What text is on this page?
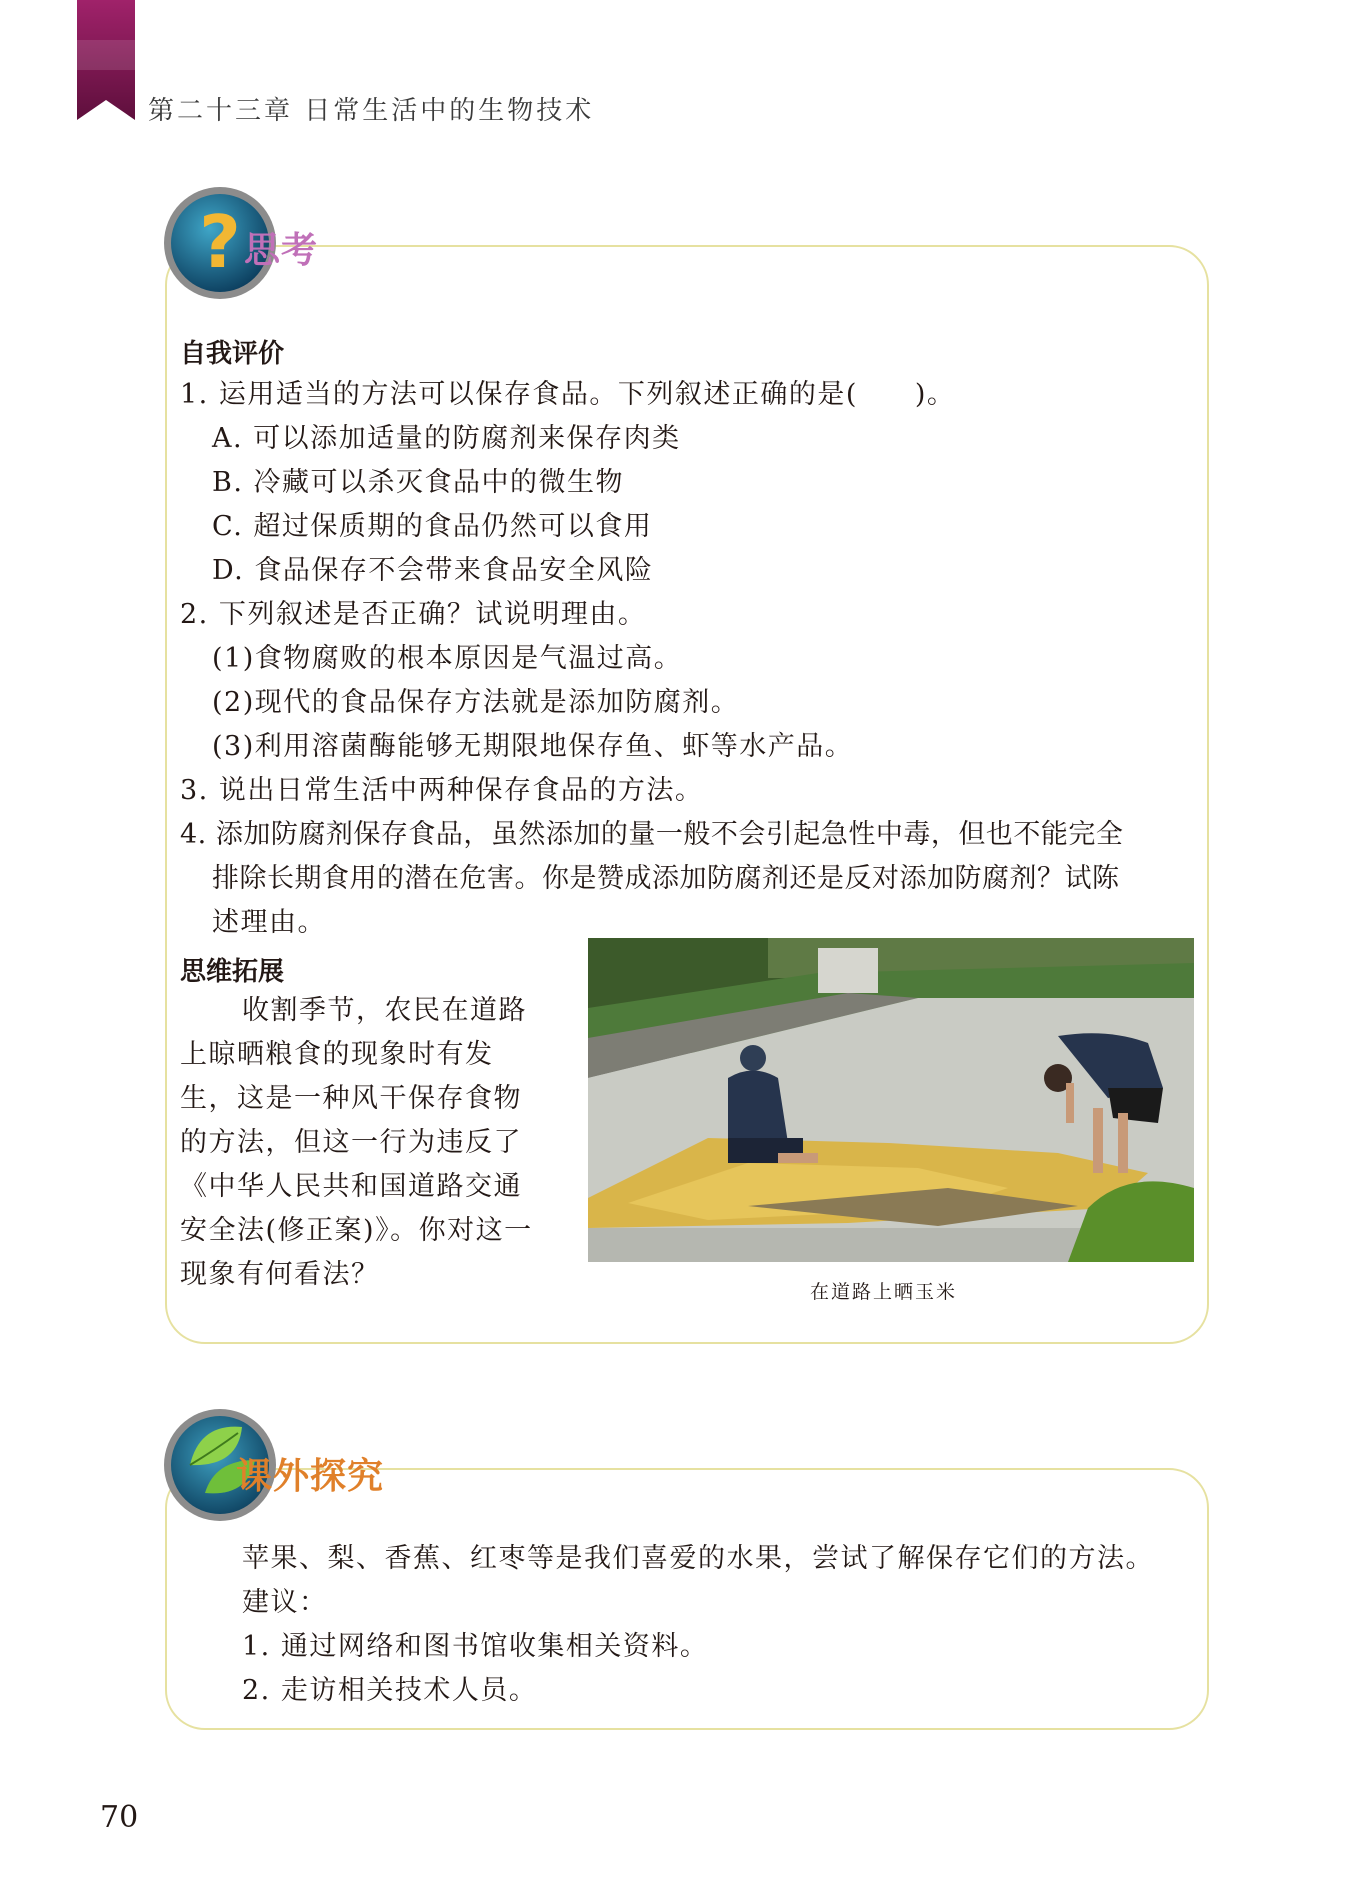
第二十三章 日常生活中的生物技术
? 思考
自我评价
1. 运用适当的方法可以保存食品。下列叙述正确的是(　　)。
A. 可以添加适量的防腐剂来保存肉类
B. 冷藏可以杀灭食品中的微生物
C. 超过保质期的食品仍然可以食用
D. 食品保存不会带来食品安全风险
2. 下列叙述是否正确？试说明理由。
(1)食物腐败的根本原因是气温过高。
(2)现代的食品保存方法就是添加防腐剂。
(3)利用溶菌酶能够无期限地保存鱼、虾等水产品。
3. 说出日常生活中两种保存食品的方法。
4. 添加防腐剂保存食品，虽然添加的量一般不会引起急性中毒，但也不能完全
排除长期食用的潜在危害。你是赞成添加防腐剂还是反对添加防腐剂？试陈
述理由。
思维拓展
收割季节，农民在道路
上晾晒粮食的现象时有发
生，这是一种风干保存食物
的方法，但这一行为违反了
《中华人民共和国道路交通
安全法(修正案)》。你对这一
现象有何看法？
在道路上晒玉米
课外探究
苹果、梨、香蕉、红枣等是我们喜爱的水果，尝试了解保存它们的方法。
建议：
1. 通过网络和图书馆收集相关资料。
2. 走访相关技术人员。
70
